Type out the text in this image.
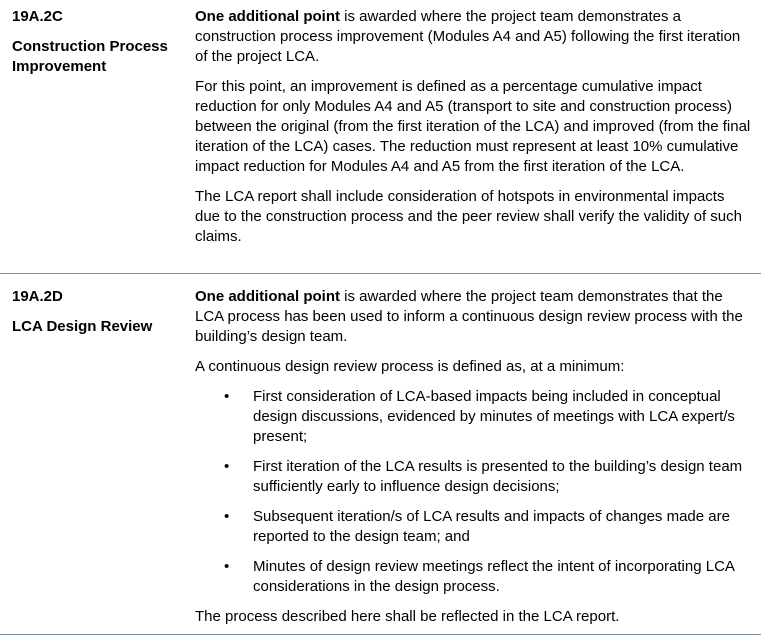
19A.2C
Construction Process Improvement

One additional point is awarded where the project team demonstrates a construction process improvement (Modules A4 and A5) following the first iteration of the project LCA.

For this point, an improvement is defined as a percentage cumulative impact reduction for only Modules A4 and A5 (transport to site and construction process) between the original (from the first iteration of the LCA) and improved (from the final iteration of the LCA) cases. The reduction must represent at least 10% cumulative impact reduction for Modules A4 and A5 from the first iteration of the LCA.

The LCA report shall include consideration of hotspots in environmental impacts due to the construction process and the peer review shall verify the validity of such claims.

19A.2D
LCA Design Review

One additional point is awarded where the project team demonstrates that the LCA process has been used to inform a continuous design review process with the building’s design team.

A continuous design review process is defined as, at a minimum:

• First consideration of LCA-based impacts being included in conceptual design discussions, evidenced by minutes of meetings with LCA expert/s present;
• First iteration of the LCA results is presented to the building’s design team sufficiently early to influence design decisions;
• Subsequent iteration/s of LCA results and impacts of changes made are reported to the design team; and
• Minutes of design review meetings reflect the intent of incorporating LCA considerations in the design process.

The process described here shall be reflected in the LCA report.
